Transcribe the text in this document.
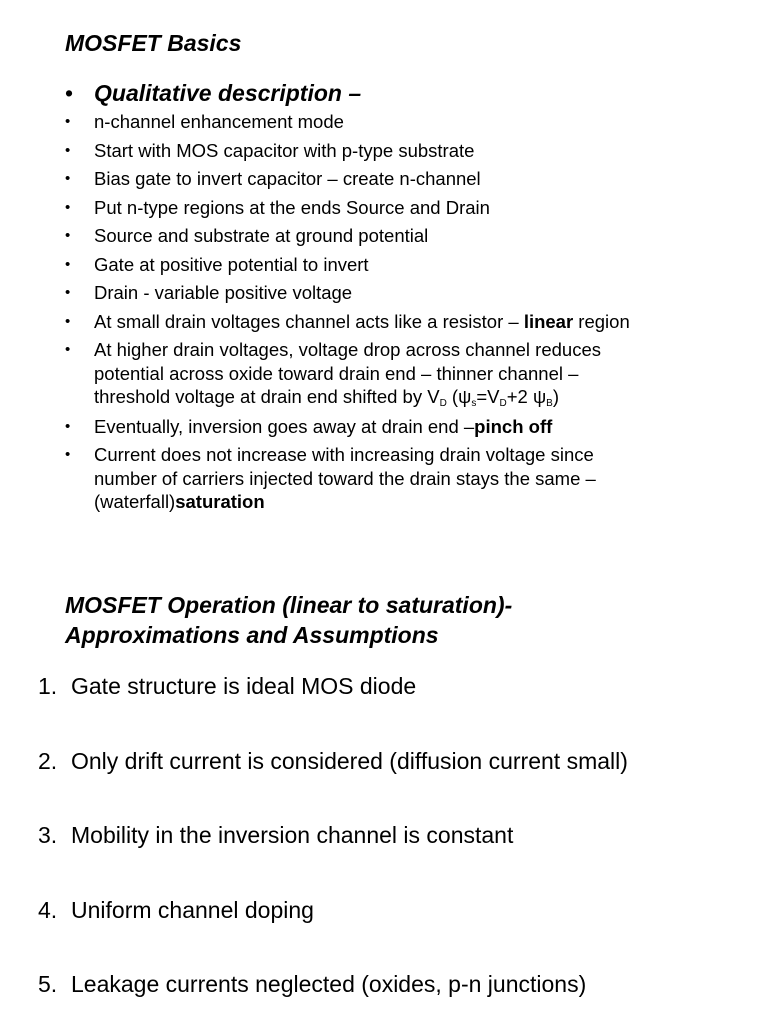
MOSFET Basics
• Qualitative description –
• n-channel enhancement mode
• Start with MOS capacitor with p-type substrate
• Bias gate to invert capacitor – create n-channel
• Put n-type regions at the ends Source and Drain
• Source and substrate at ground potential
• Gate at positive potential to invert
• Drain - variable positive voltage
• At small drain voltages channel acts like a resistor – linear region
• At higher drain voltages, voltage drop across channel reduces
potential across oxide toward drain end – thinner channel –
threshold voltage at drain end shifted by $V_D$ ($\psi_s=V_D+2$ $\psi_B$)
• Eventually, inversion goes away at drain end –pinch off
• Current does not increase with increasing drain voltage since
number of carriers injected toward the drain stays the same –
(waterfall)saturation
MOSFET Operation (linear to saturation)-
Approximations and Assumptions
1. Gate structure is ideal MOS diode
2. Only drift current is considered (diffusion current small)
3. Mobility in the inversion channel is constant
4. Uniform channel doping
5. Leakage currents neglected (oxides, p-n junctions)
